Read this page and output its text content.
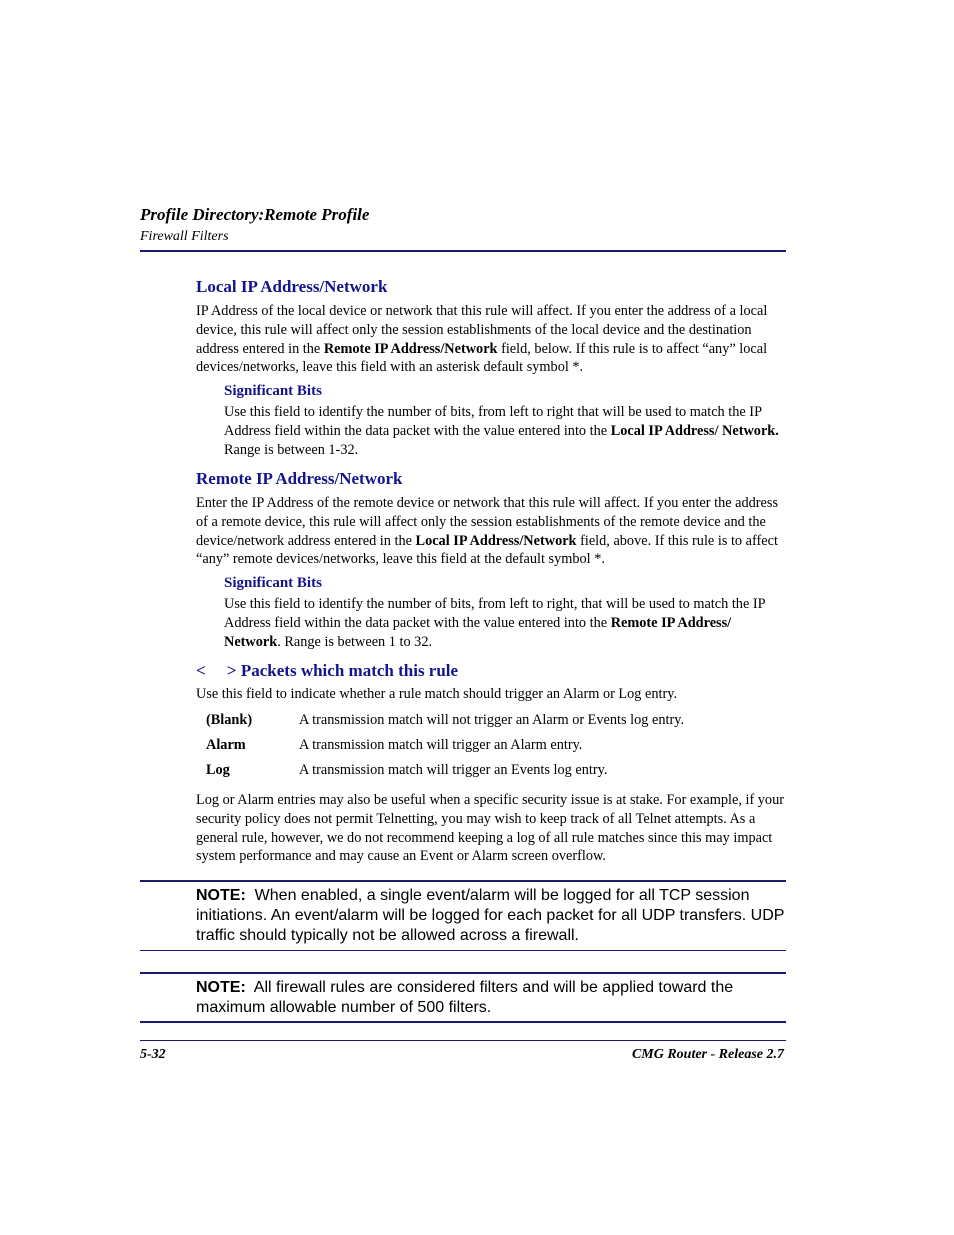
Profile Directory:Remote Profile
Firewall Filters
Local IP Address/Network
IP Address of the local device or network that this rule will affect. If you enter the address of a local device, this rule will affect only the session establishments of the local device and the destination address entered in the Remote IP Address/Network field, below. If this rule is to affect “any” local devices/networks, leave this field with an asterisk default symbol *.
Significant Bits
Use this field to identify the number of bits, from left to right that will be used to match the IP Address field within the data packet with the value entered into the Local IP Address/ Network. Range is between 1-32.
Remote IP Address/Network
Enter the IP Address of the remote device or network that this rule will affect. If you enter the address of a remote device, this rule will affect only the session establishments of the remote device and the device/network address entered in the Local IP Address/Network field, above. If this rule is to affect “any” remote devices/networks, leave this field at the default symbol *.
Significant Bits
Use this field to identify the number of bits, from left to right, that will be used to match the IP Address field within the data packet with the value entered into the Remote IP Address/ Network. Range is between 1 to 32.
<     > Packets which match this rule
Use this field to indicate whether a rule match should trigger an Alarm or Log entry.
(Blank)	A transmission match will not trigger an Alarm or Events log entry.
Alarm	A transmission match will trigger an Alarm entry.
Log	A transmission match will trigger an Events log entry.
Log or Alarm entries may also be useful when a specific security issue is at stake. For example, if your security policy does not permit Telnetting, you may wish to keep track of all Telnet attempts. As a general rule, however, we do not recommend keeping a log of all rule matches since this may impact system performance and may cause an Event or Alarm screen overflow.
NOTE:  When enabled, a single event/alarm will be logged for all TCP session initiations. An event/alarm will be logged for each packet for all UDP transfers. UDP traffic should typically not be allowed across a firewall.
NOTE:  All firewall rules are considered filters and will be applied toward the maximum allowable number of 500 filters.
5-32	CMG Router - Release 2.7
